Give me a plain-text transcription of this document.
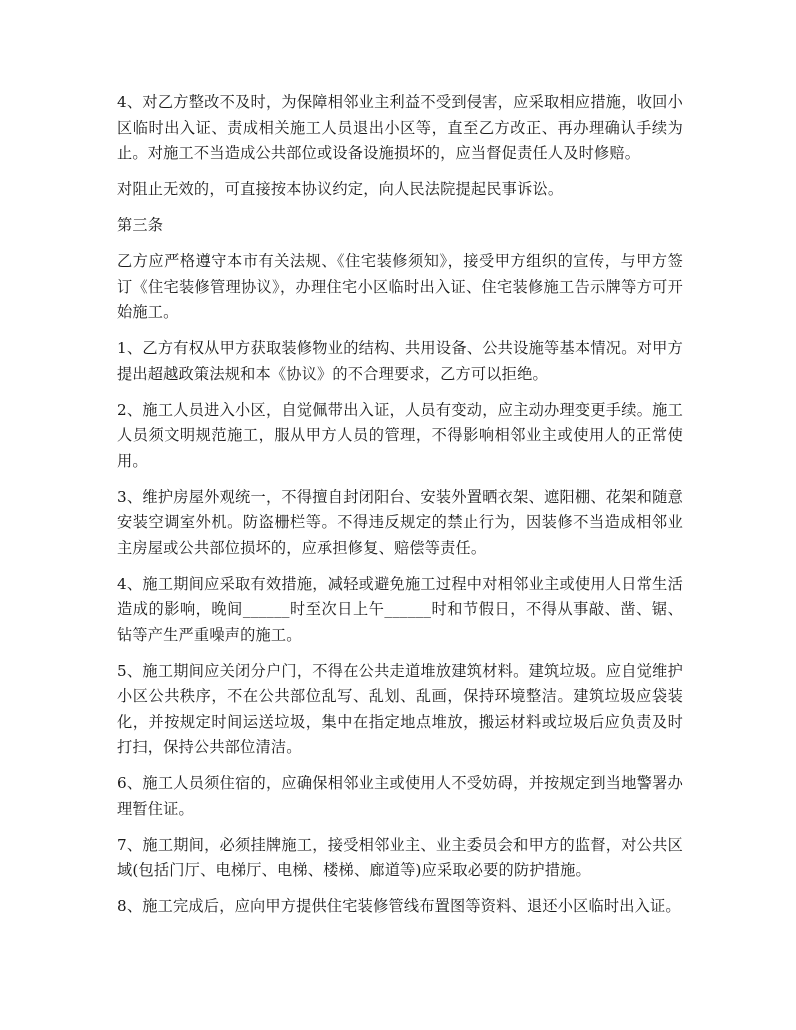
4、对乙方整改不及时，为保障相邻业主利益不受到侵害，应采取相应措施，收回小区临时出入证、责成相关施工人员退出小区等，直至乙方改正、再办理确认手续为止。对施工不当造成公共部位或设备设施损坏的，应当督促责任人及时修赔。

对阻止无效的，可直接按本协议约定，向人民法院提起民事诉讼。

第三条

乙方应严格遵守本市有关法规、《住宅装修须知》，接受甲方组织的宣传，与甲方签订《住宅装修管理协议》，办理住宅小区临时出入证、住宅装修施工告示牌等方可开始施工。

1、乙方有权从甲方获取装修物业的结构、共用设备、公共设施等基本情况。对甲方提出超越政策法规和本《协议》的不合理要求，乙方可以拒绝。

2、施工人员进入小区，自觉佩带出入证，人员有变动，应主动办理变更手续。施工人员须文明规范施工，服从甲方人员的管理，不得影响相邻业主或使用人的正常使用。

3、维护房屋外观统一，不得擅自封闭阳台、安装外置晒衣架、遮阳棚、花架和随意安装空调室外机。防盗栅栏等。不得违反规定的禁止行为，因装修不当造成相邻业主房屋或公共部位损坏的，应承担修复、赔偿等责任。

4、施工期间应采取有效措施，减轻或避免施工过程中对相邻业主或使用人日常生活造成的影响，晚间______时至次日上午______时和节假日，不得从事敲、凿、锯、钻等产生严重噪声的施工。

5、施工期间应关闭分户门，不得在公共走道堆放建筑材料。建筑垃圾。应自觉维护小区公共秩序，不在公共部位乱写、乱划、乱画，保持环境整洁。建筑垃圾应袋装化，并按规定时间运送垃圾，集中在指定地点堆放，搬运材料或垃圾后应负责及时打扫，保持公共部位清洁。

6、施工人员须住宿的，应确保相邻业主或使用人不受妨碍，并按规定到当地警署办理暂住证。

7、施工期间，必须挂牌施工，接受相邻业主、业主委员会和甲方的监督，对公共区域(包括门厅、电梯厅、电梯、楼梯、廊道等)应采取必要的防护措施。

8、施工完成后，应向甲方提供住宅装修管线布置图等资料、退还小区临时出入证。
